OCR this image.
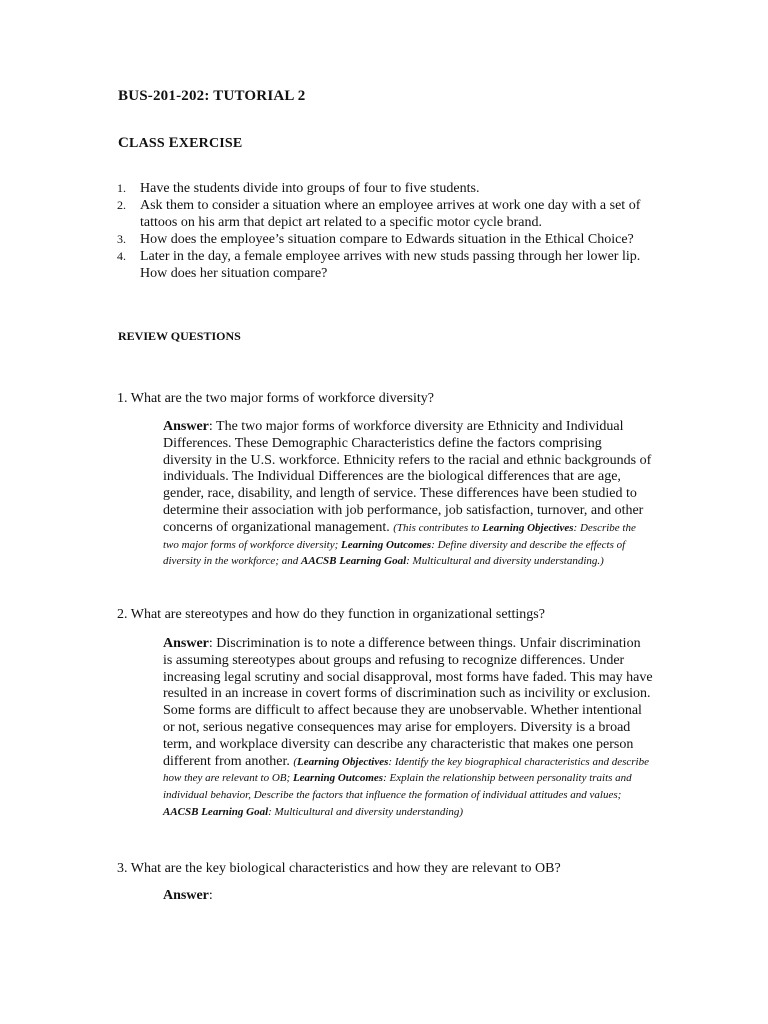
BUS-201-202: TUTORIAL 2
CLASS EXERCISE
1. Have the students divide into groups of four to five students.
2. Ask them to consider a situation where an employee arrives at work one day with a set of tattoos on his arm that depict art related to a specific motor cycle brand.
3. How does the employee’s situation compare to Edwards situation in the Ethical Choice?
4. Later in the day, a female employee arrives with new studs passing through her lower lip. How does her situation compare?
REVIEW QUESTIONS
1. What are the two major forms of workforce diversity?
Answer: The two major forms of workforce diversity are Ethnicity and Individual Differences. These Demographic Characteristics define the factors comprising diversity in the U.S. workforce. Ethnicity refers to the racial and ethnic backgrounds of individuals. The Individual Differences are the biological differences that are age, gender, race, disability, and length of service. These differences have been studied to determine their association with job performance, job satisfaction, turnover, and other concerns of organizational management. (This contributes to Learning Objectives: Describe the two major forms of workforce diversity; Learning Outcomes: Define diversity and describe the effects of diversity in the workforce; and AACSB Learning Goal: Multicultural and diversity understanding.)
2. What are stereotypes and how do they function in organizational settings?
Answer: Discrimination is to note a difference between things. Unfair discrimination is assuming stereotypes about groups and refusing to recognize differences. Under increasing legal scrutiny and social disapproval, most forms have faded. This may have resulted in an increase in covert forms of discrimination such as incivility or exclusion. Some forms are difficult to affect because they are unobservable. Whether intentional or not, serious negative consequences may arise for employers. Diversity is a broad term, and workplace diversity can describe any characteristic that makes one person different from another. (Learning Objectives: Identify the key biographical characteristics and describe how they are relevant to OB; Learning Outcomes: Explain the relationship between personality traits and individual behavior, Describe the factors that influence the formation of individual attitudes and values; AACSB Learning Goal: Multicultural and diversity understanding)
3. What are the key biological characteristics and how they are relevant to OB?
Answer:
